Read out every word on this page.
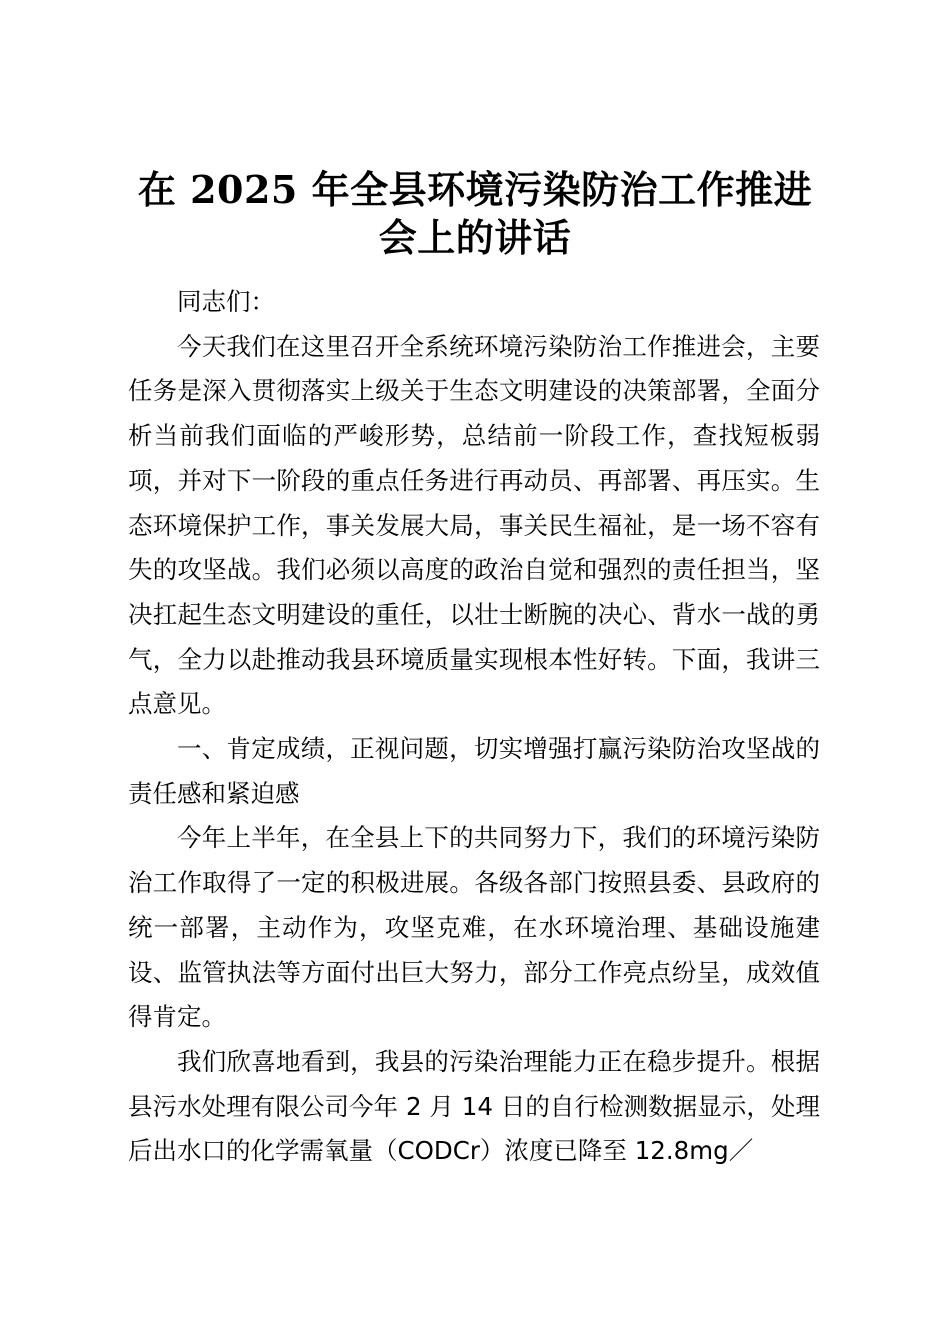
在 2025 年全县环境污染防治工作推进会上的讲话

同志们：

今天我们在这里召开全系统环境污染防治工作推进会，主要任务是深入贯彻落实上级关于生态文明建设的决策部署，全面分析当前我们面临的严峻形势，总结前一阶段工作，查找短板弱项，并对下一阶段的重点任务进行再动员、再部署、再压实。生态环境保护工作，事关发展大局，事关民生福祉，是一场不容有失的攻坚战。我们必须以高度的政治自觉和强烈的责任担当，坚决扛起生态文明建设的重任，以壮士断腕的决心、背水一战的勇气，全力以赴推动我县环境质量实现根本性好转。下面，我讲三点意见。

一、肯定成绩，正视问题，切实增强打赢污染防治攻坚战的责任感和紧迫感

今年上半年，在全县上下的共同努力下，我们的环境污染防治工作取得了一定的积极进展。各级各部门按照县委、县政府的统一部署，主动作为，攻坚克难，在水环境治理、基础设施建设、监管执法等方面付出巨大努力，部分工作亮点纷呈，成效值得肯定。

我们欣喜地看到，我县的污染治理能力正在稳步提升。根据县污水处理有限公司今年 2 月 14 日的自行检测数据显示，处理后出水口的化学需氧量（CODCr）浓度已降至 12.8mg／
